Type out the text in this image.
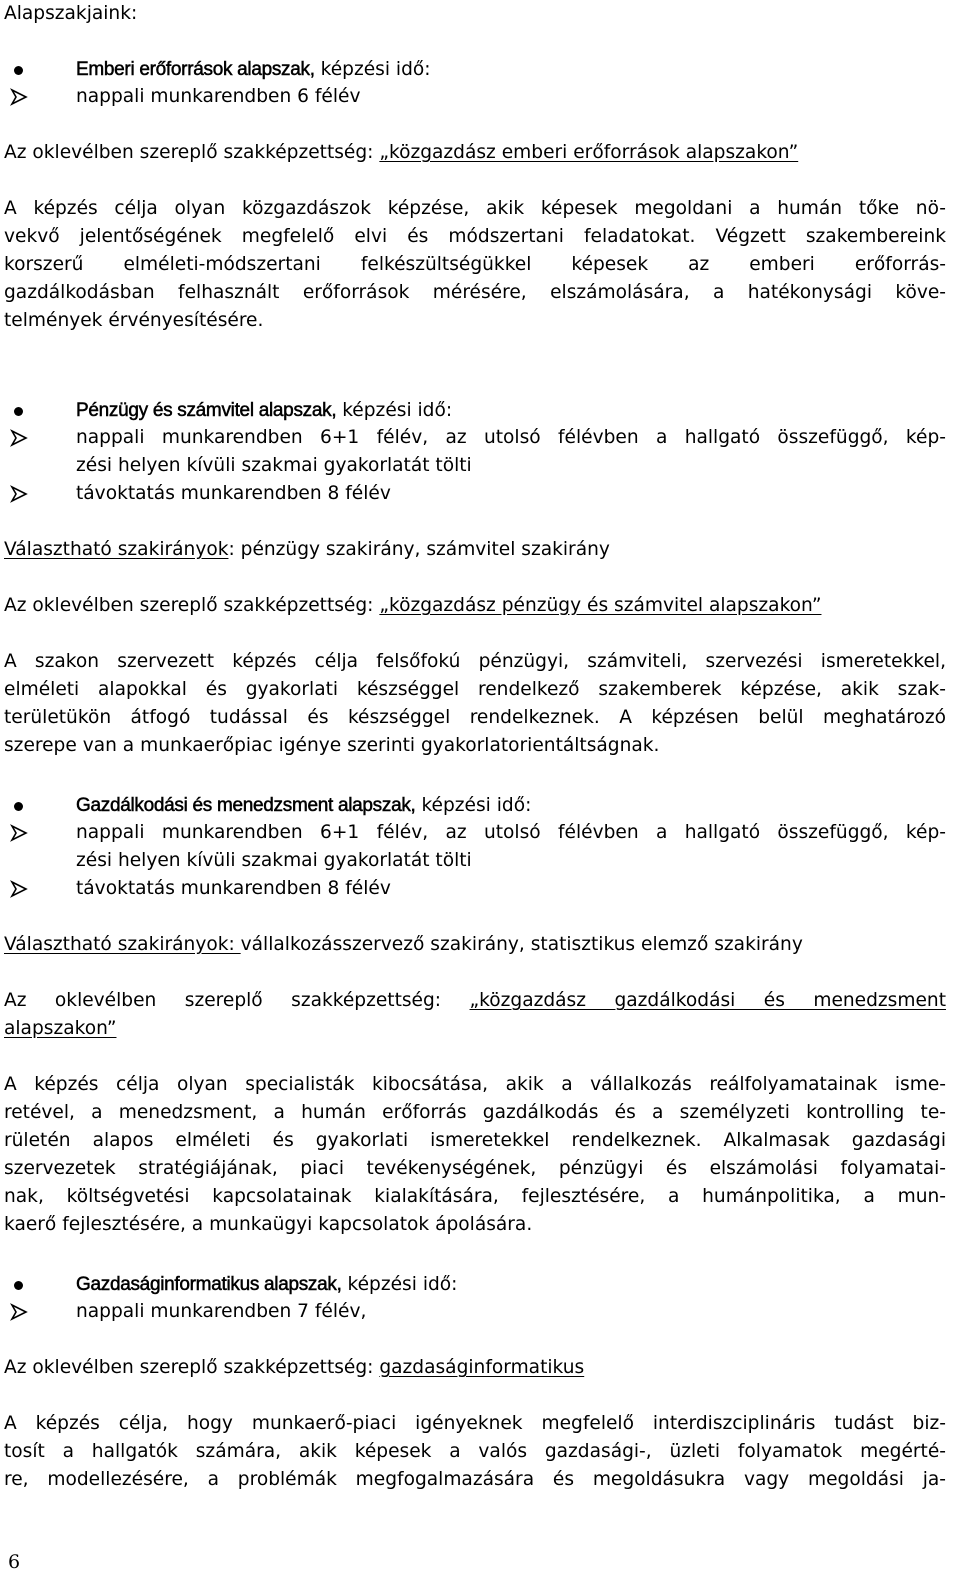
Alapszakjaink:
Emberi erőforrások alapszak, képzési idő:
nappali munkarendben 6 félév
Az oklevélben szereplő szakképzettség: „közgazdász emberi erőforrások alapszakon”
A képzés célja olyan közgazdászok képzése, akik képesek megoldani a humán tőke nö-
vekvő jelentőségének megfelelő elvi és módszertani feladatokat. Végzett szakembereink
korszerű elméleti-módszertani felkészültségükkel képesek az emberi erőforrás-
gazdálkodásban felhasznált erőforrások mérésére, elszámolására, a hatékonysági köve-
telmények érvényesítésére.
Pénzügy és számvitel alapszak, képzési idő:
nappali munkarendben 6+1 félév, az utolsó félévben a hallgató összefüggő, kép-
zési helyen kívüli szakmai gyakorlatát tölti
távoktatás munkarendben 8 félév
Választható szakirányok: pénzügy szakirány, számvitel szakirány
Az oklevélben szereplő szakképzettség: „közgazdász pénzügy és számvitel alapszakon”
A szakon szervezett képzés célja felsőfokú pénzügyi, számviteli, szervezési ismeretekkel,
elméleti alapokkal és gyakorlati készséggel rendelkező szakemberek képzése, akik szak-
területükön átfogó tudással és készséggel rendelkeznek. A képzésen belül meghatározó
szerepe van a munkaerőpiac igénye szerinti gyakorlatorientáltságnak.
Gazdálkodási és menedzsment alapszak, képzési idő:
nappali munkarendben 6+1 félév, az utolsó félévben a hallgató összefüggő, kép-
zési helyen kívüli szakmai gyakorlatát tölti
távoktatás munkarendben 8 félév
Választható szakirányok: vállalkozásszervező szakirány, statisztikus elemző szakirány
Az oklevélben szereplő szakképzettség: „közgazdász gazdálkodási és menedzsment
alapszakon”
A képzés célja olyan specialisták kibocsátása, akik a vállalkozás reálfolyamatainak isme-
retével, a menedzsment, a humán erőforrás gazdálkodás és a személyzeti kontrolling te-
rületén alapos elméleti és gyakorlati ismeretekkel rendelkeznek. Alkalmasak gazdasági
szervezetek stratégiájának, piaci tevékenységének, pénzügyi és elszámolási folyamatai-
nak, költségvetési kapcsolatainak kialakítására, fejlesztésére, a humánpolitika, a mun-
kaerő fejlesztésére, a munkaügyi kapcsolatok ápolására.
Gazdaságinformatikus alapszak, képzési idő:
nappali munkarendben 7 félév,
Az oklevélben szereplő szakképzettség: gazdaságinformatikus
A képzés célja, hogy munkaerő-piaci igényeknek megfelelő interdiszciplináris tudást biz-
tosít a hallgatók számára, akik képesek a valós gazdasági-, üzleti folyamatok megérté-
re, modellezésére, a problémák megfogalmazására és megoldásukra vagy megoldási ja-
6
